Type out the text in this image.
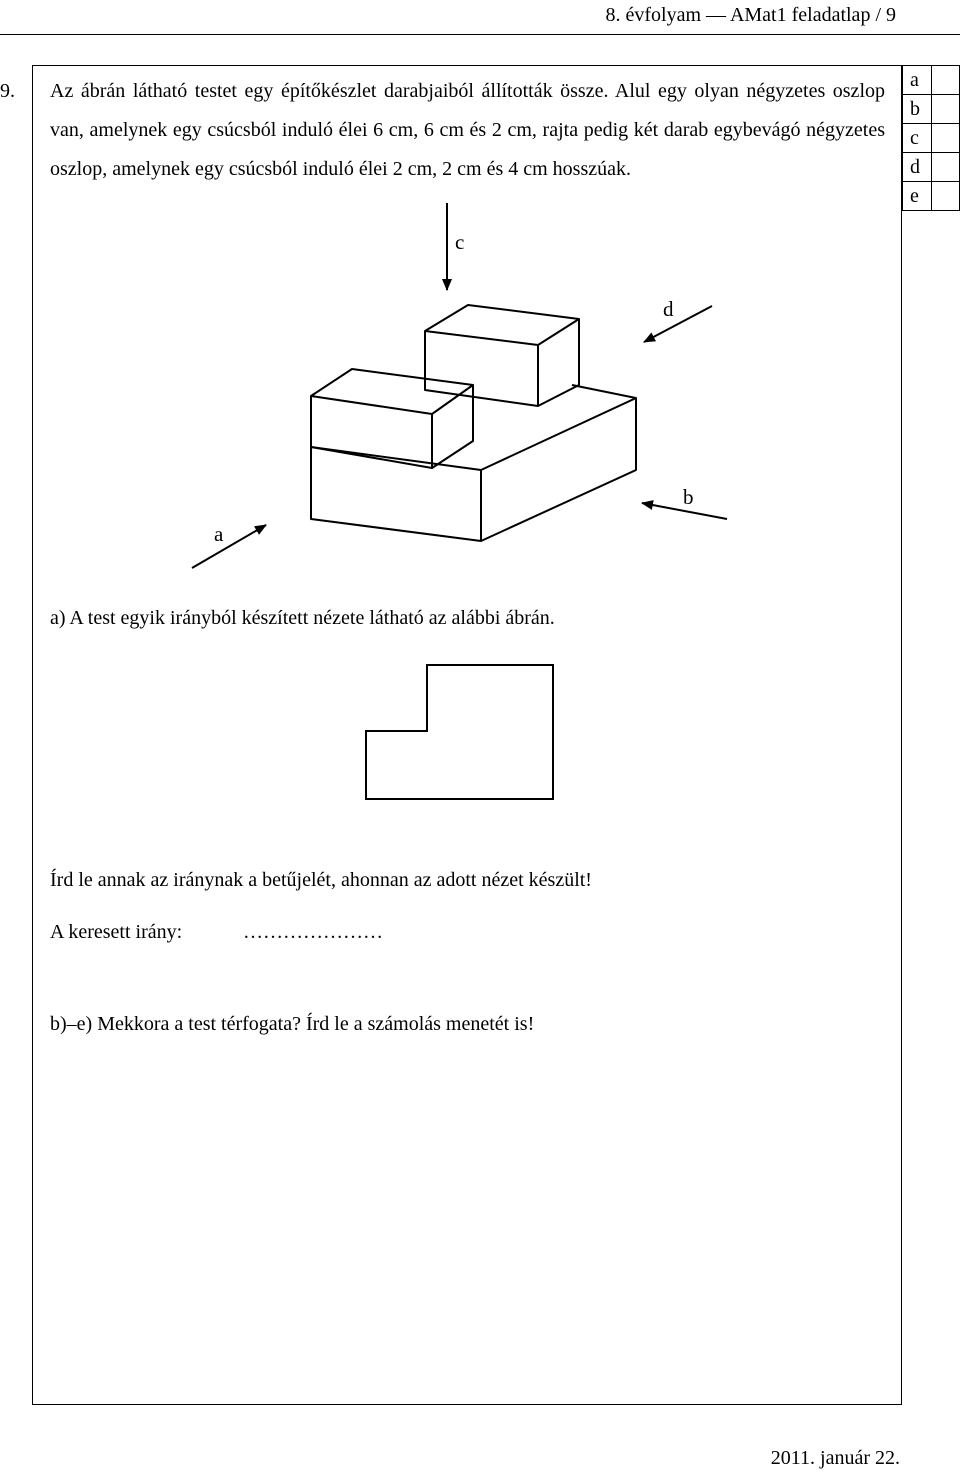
8. évfolyam — AMat1 feladatlap / 9
9. Az ábrán látható testet egy építőkészlet darabjaiból állították össze. Alul egy olyan négyzetes oszlop van, amelynek egy csúcsból induló élei 6 cm, 6 cm és 2 cm, rajta pedig két darab egybevágó négyzetes oszlop, amelynek egy csúcsból induló élei 2 cm, 2 cm és 4 cm hosszúak.
a	
b	
c	
d	
e	
c
d
b
a
a) A test egyik irányból készített nézete látható az alábbi ábrán.
Írd le annak az iránynak a betűjelét, ahonnan az adott nézet készült!
A keresett irány:	…………………
b)–e) Mekkora a test térfogata? Írd le a számolás menetét is!
2011. január 22.
